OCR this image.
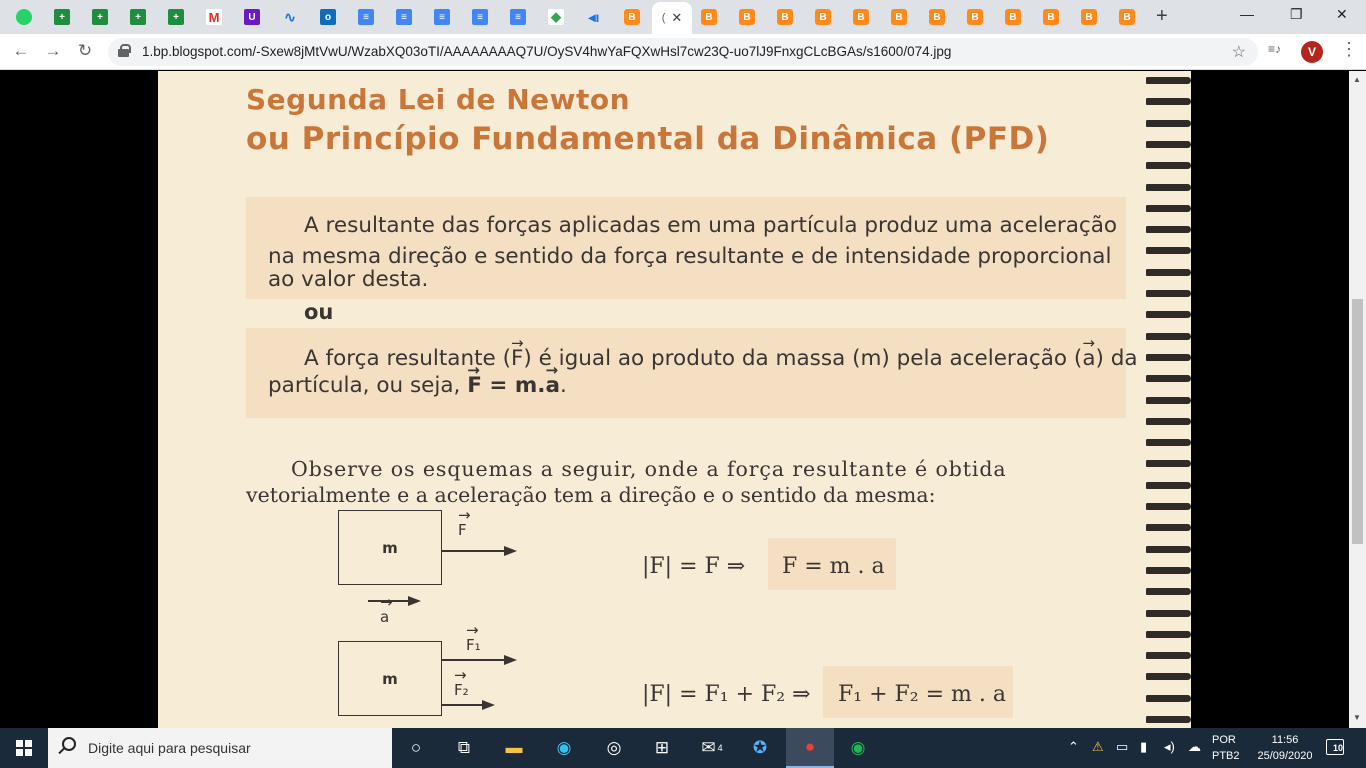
( ✕	+	—	❐ ✕
+	+	+	+	M	U	∿	o	≡	≡	≡	≡	≡	◆ ◂ı	B	B	B	B	B	B	B	B	B	B	B	B	B
← → ↻	1.bp.blogspot.com/-Sxew8jMtVwU/WzabXQ03oTI/AAAAAAAAQ7U/OySV4hwYaFQXwHsl7cw23Q-uo7lJ9FnxgCLcBGAs/s1600/074.jpg	☆ ≡♪	V	⋮
Segunda Lei de Newton
ou Princípio Fundamental da Dinâmica (PFD)
A resultante das forças aplicadas em uma partícula produz uma aceleração
na mesma direção e sentido da força resultante e de intensidade proporcional
ao valor desta.
ou
A força resultante (→ F) é igual ao produto da massa (m) pela aceleração (→ a) da
partícula, ou seja, → F = m.→ a.
Observe os esquemas a seguir, onde a força resultante é obtida
vetorialmente e a aceleração tem a direção e o sentido da mesma:
m
→ F
→ a
|F| = F ⇒ F = m . a
m
→ F₁
→ F₂	|F| = F₁ + F₂ ⇒ F₁ + F₂ = m . a
▲
▼
Digite aqui para pesquisar	○	⧉	▬	◉	◎	⊞	✉ 4	✪	●	◉	⌃ ⚠ ▭ ▮ ◂) ☁ POR
PTB2
11:56
25/09/2020
10
